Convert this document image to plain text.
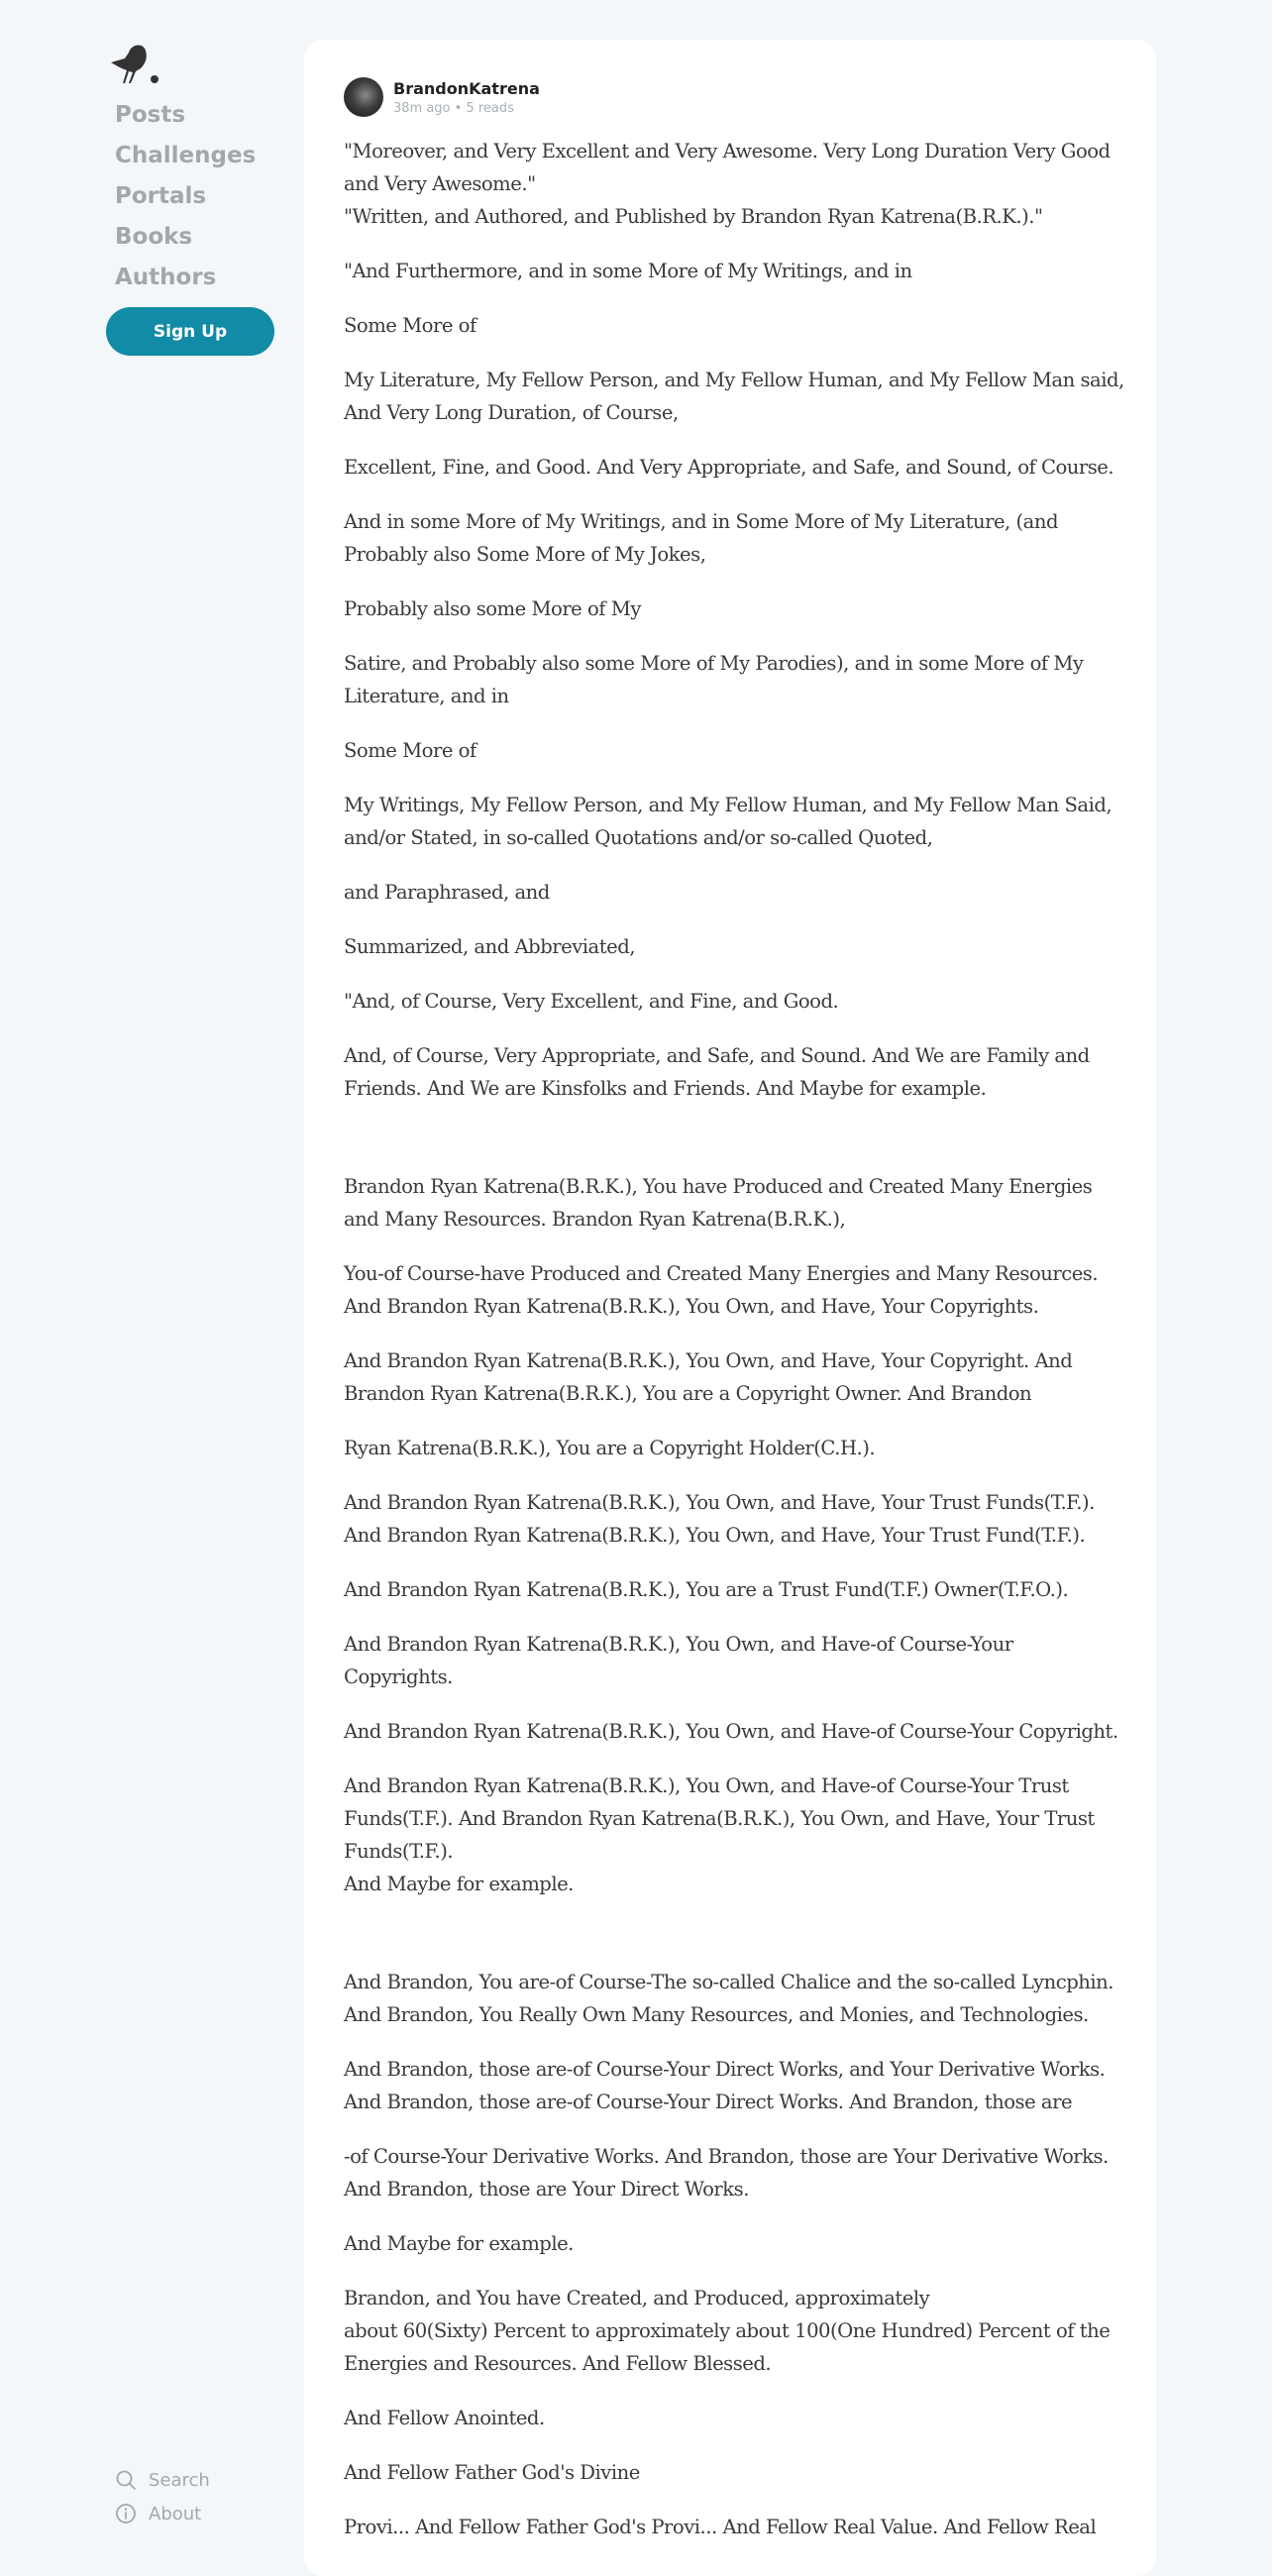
Posts
Challenges
Portals
Books
Authors
Sign Up
Search
About
BrandonKatrena
38m ago • 5 reads

"Moreover, and Very Excellent and Very Awesome. Very Long Duration Very Good and Very Awesome."

"Written, and Authored, and Published by Brandon Ryan Katrena(B.R.K.)."

"And Furthermore, and in some More of My Writings, and in

Some More of

My Literature, My Fellow Person, and My Fellow Human, and My Fellow Man said, And Very Long Duration, of Course,

Excellent, Fine, and Good. And Very Appropriate, and Safe, and Sound, of Course.

And in some More of My Writings, and in Some More of My Literature, (and Probably also Some More of My Jokes,

Probably also some More of My

Satire, and Probably also some More of My Parodies), and in some More of My Literature, and in

Some More of

My Writings, My Fellow Person, and My Fellow Human, and My Fellow Man Said, and/or Stated, in so-called Quotations and/or so-called Quoted,

and Paraphrased, and

Summarized, and Abbreviated,

"And, of Course, Very Excellent, and Fine, and Good.

And, of Course, Very Appropriate, and Safe, and Sound. And We are Family and Friends. And We are Kinsfolks and Friends. And Maybe for example.

Brandon Ryan Katrena(B.R.K.), You have Produced and Created Many Energies and Many Resources. Brandon Ryan Katrena(B.R.K.),

You-of Course-have Produced and Created Many Energies and Many Resources. And Brandon Ryan Katrena(B.R.K.), You Own, and Have, Your Copyrights.

And Brandon Ryan Katrena(B.R.K.), You Own, and Have, Your Copyright. And Brandon Ryan Katrena(B.R.K.), You are a Copyright Owner. And Brandon

Ryan Katrena(B.R.K.), You are a Copyright Holder(C.H.).

And Brandon Ryan Katrena(B.R.K.), You Own, and Have, Your Trust Funds(T.F.). And Brandon Ryan Katrena(B.R.K.), You Own, and Have, Your Trust Fund(T.F.).

And Brandon Ryan Katrena(B.R.K.), You are a Trust Fund(T.F.) Owner(T.F.O.).

And Brandon Ryan Katrena(B.R.K.), You Own, and Have-of Course-Your Copyrights.

And Brandon Ryan Katrena(B.R.K.), You Own, and Have-of Course-Your Copyright.

And Brandon Ryan Katrena(B.R.K.), You Own, and Have-of Course-Your Trust Funds(T.F.). And Brandon Ryan Katrena(B.R.K.), You Own, and Have, Your Trust Funds(T.F.).

And Maybe for example.

And Brandon, You are-of Course-The so-called Chalice and the so-called Lyncphin. And Brandon, You Really Own Many Resources, and Monies, and Technologies.

And Brandon, those are-of Course-Your Direct Works, and Your Derivative Works. And Brandon, those are-of Course-Your Direct Works. And Brandon, those are

-of Course-Your Derivative Works. And Brandon, those are Your Derivative Works. And Brandon, those are Your Direct Works.

And Maybe for example.

Brandon, and You have Created, and Produced, approximately

about 60(Sixty) Percent to approximately about 100(One Hundred) Percent of the Energies and Resources. And Fellow Blessed.

And Fellow Anointed.

And Fellow Father God's Divine

Provi... And Fellow Father God's Provi... And Fellow Real Value. And Fellow Real
